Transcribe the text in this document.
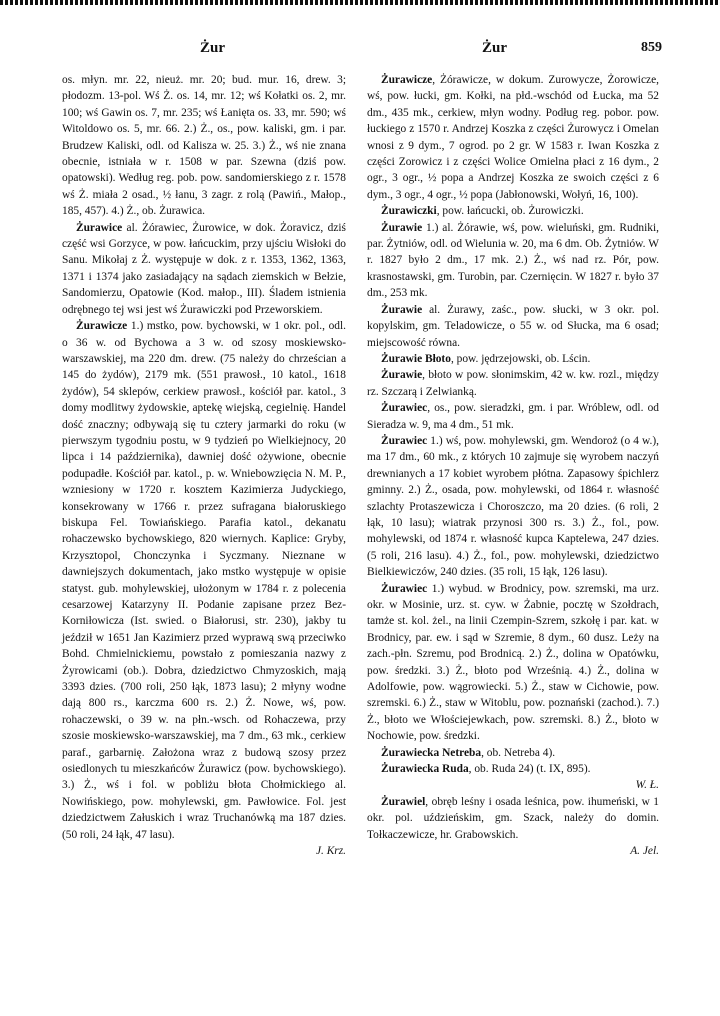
Żur	Żur	859

os. młyn. mr. 22, nieuż. mr. 20; bud. mur. 16, drew. 3; płodozm. 13-pol. Wś Ż. os. 14, mr. 12; wś Kołatki os. 2, mr. 100; wś Gawin os. 7, mr. 235; wś Łanięta os. 33, mr. 590; wś Witoldowo os. 5, mr. 66. 2.) Ż., os., pow. kaliski, gm. i par. Brudzew Kaliski, odl. od Kalisza w. 25. 3.) Ż., wś nie znana obecnie, istniała w r. 1508 w par. Szewna (dziś pow. opatowski). Według reg. pob. pow. sandomierskiego z r. 1578 wś Ż. miała 2 osad., ½ łanu, 3 zagr. z rolą (Pawiń., Małop., 185, 457). 4.) Ż., ob. Żurawica.

Żurawice al. Żórawiec, Żurowice, w dok. Żoravicz, dziś część wsi Gorzyce, w pow. łańcuckim, przy ujściu Wisłoki do Sanu. Mikołaj z Ż. występuje w dok. z r. 1353, 1362, 1363, 1371 i 1374 jako zasiadający na sądach ziemskich w Bełzie, Sandomierzu, Opatowie (Kod. małop., III). Śladem istnienia odrębnego tej wsi jest wś Żurawiczki pod Przeworskiem.

Żurawicze 1.) mstko, pow. bychowski, w 1 okr. pol., odl. o 36 w. od Bychowa a 3 w. od szosy moskiewsko-warszawskiej, ma 220 dm. drew. (75 należy do chrześcian a 145 do żydów), 2179 mk. (551 prawosł., 10 katol., 1618 żydów), 54 sklepów, cerkiew prawosł., kościół par. katol., 3 domy modlitwy żydowskie, aptekę wiejską, cegielnię. Handel dość znaczny; odbywają się tu cztery jarmarki do roku (w pierwszym tygodniu postu, w 9 tydzień po Wielkiejnocy, 20 lipca i 14 października), dawniej dość ożywione, obecnie podupadłe. Kościół par. katol., p. w. Wniebowzięcia N. M. P., wzniesiony w 1720 r. kosztem Kazimierza Judyckiego, konsekrowany w 1766 r. przez sufragana białoruskiego biskupa Fel. Towiańskiego. Parafia katol., dekanatu rohaczewsko bychowskiego, 820 wiernych. Kaplice: Gryby, Krzysztopol, Chonczynka i Syczmany. Nieznane w dawniejszych dokumentach, jako mstko występuje w opisie statyst. gub. mohylewskiej, ułożonym w 1784 r. z polecenia cesarzowej Katarzyny II. Podanie zapisane przez Bez-Korniłowicza (Ist. swied. o Białorusi, str. 230), jakby tu jeździł w 1651 Jan Kazimierz przed wyprawą swą przeciwko Bohd. Chmielnickiemu, powstało z pomieszania nazwy z Żyrowicami (ob.). Dobra, dziedzictwo Chmyzoskich, mają 3393 dzies. (700 roli, 250 łąk, 1873 lasu); 2 młyny wodne dają 800 rs., karczma 600 rs. 2.) Ż. Nowe, wś, pow. rohaczewski, o 39 w. na płn.-wsch. od Rohaczewa, przy szosie moskiewsko-warszawskiej, ma 7 dm., 63 mk., cerkiew paraf., garbarnię. Założona wraz z budową szosy przez osiedlonych tu mieszkańców Żurawicz (pow. bychowskiego). 3.) Ż., wś i fol. w pobliżu błota Chołmickiego al. Nowińskiego, pow. mohylewski, gm. Pawłowice. Fol. jest dziedzictwem Załuskich i wraz Truchanówką ma 187 dzies. (50 roli, 24 łąk, 47 lasu).

J. Krz.

Żurawicze, Żórawicze, w dokum. Zurowycze, Żorowicze, wś, pow. łucki, gm. Kołki, na płd.-wschód od Łucka, ma 52 dm., 435 mk., cerkiew, młyn wodny. Podług reg. pobor. pow. łuckiego z 1570 r. Andrzej Koszka z części Żurowycz i Omelan wnosi z 9 dym., 7 ogrod. po 2 gr. W 1583 r. Iwan Koszka z części Zorowicz i z części Wolice Omielna płaci z 16 dym., 2 ogr., 3 ogr., ½ popa a Andrzej Koszka ze swoich części z 6 dym., 3 ogr., 4 ogr., ½ popa (Jabłonowski, Wołyń, 16, 100).

Żurawiczki, pow. łańcucki, ob. Żurowiczki.

Żurawie 1.) al. Żórawie, wś, pow. wieluński, gm. Rudniki, par. Żytniów, odl. od Wielunia w. 20, ma 6 dm. Ob. Żytniów. W r. 1827 było 2 dm., 17 mk. 2.) Ż., wś nad rz. Pór, pow. krasnostawski, gm. Turobin, par. Czernięcin. W 1827 r. było 37 dm., 253 mk.

Żurawie al. Żurawy, zaśc., pow. słucki, w 3 okr. pol. kopylskim, gm. Teladowicze, o 55 w. od Słucka, ma 6 osad; miejscowość równa.

Żurawie Błoto, pow. jędrzejowski, ob. Lścin.

Żurawie, błoto w pow. słonimskim, 42 w. kw. rozl., między rz. Szczarą i Zelwianką.

Żurawiec, os., pow. sieradzki, gm. i par. Wróblew, odl. od Sieradza w. 9, ma 4 dm., 51 mk.

Żurawiec 1.) wś, pow. mohylewski, gm. Wendoroż (o 4 w.), ma 17 dm., 60 mk., z których 10 zajmuje się wyrobem naczyń drewnianych a 17 kobiet wyrobem płótna. Zapasowy śpichlerz gminny. 2.) Ż., osada, pow. mohylewski, od 1864 r. własność szlachty Protaszewicza i Choroszczo, ma 20 dzies. (6 roli, 2 łąk, 10 lasu); wiatrak przynosi 300 rs. 3.) Ż., fol., pow. mohylewski, od 1874 r. własność kupca Kaptelewa, 247 dzies. (5 roli, 216 lasu). 4.) Ż., fol., pow. mohylewski, dziedzictwo Bielkiewiczów, 240 dzies. (35 roli, 15 łąk, 126 lasu).

Żurawiec 1.) wybud. w Brodnicy, pow. szremski, ma urz. okr. w Mosinie, urz. st. cyw. w Żabnie, pocztę w Szołdrach, tamże st. kol. żel., na linii Czempin-Szrem, szkołę i par. kat. w Brodnicy, par. ew. i sąd w Szremie, 8 dym., 60 dusz. Leży na zach.-płn. Szremu, pod Brodnicą. 2.) Ż., dolina w Opatówku, pow. średzki. 3.) Ż., błoto pod Wrześnią. 4.) Ż., dolina w Adolfowie, pow. wągrowiecki. 5.) Ż., staw w Cichowie, pow. szremski. 6.) Ż., staw w Witoblu, pow. poznański (zachod.). 7.) Ż., błoto we Włościejewkach, pow. szremski. 8.) Ż., błoto w Nochowie, pow. średzki.

Żurawiecka Netreba, ob. Netreba 4).

Żurawiecka Ruda, ob. Ruda 24) (t. IX, 895).

W. Ł.

Żurawiel, obręb leśny i osada leśnica, pow. ihumeński, w 1 okr. pol. uździeńskim, gm. Szack, należy do domin. Tołkaczewicze, hr. Grabowskich.

A. Jel.
